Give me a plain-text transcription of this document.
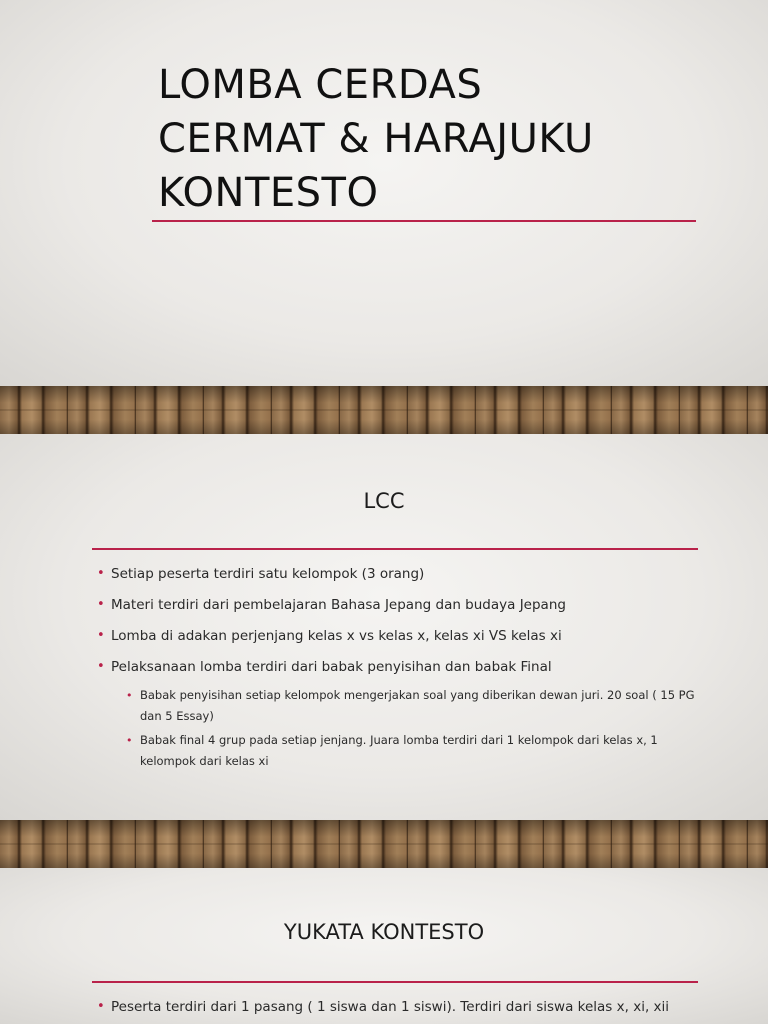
LOMBA CERDAS
CERMAT & HARAJUKU
KONTESTO
LCC
• Setiap peserta terdiri satu kelompok (3 orang)
• Materi terdiri dari pembelajaran Bahasa Jepang dan budaya Jepang
• Lomba di adakan perjenjang kelas x vs kelas x, kelas xi VS kelas xi
• Pelaksanaan lomba terdiri dari babak penyisihan dan babak Final
• Babak penyisihan setiap kelompok mengerjakan soal yang diberikan dewan juri. 20 soal ( 15 PG dan 5 Essay)
• Babak final 4 grup pada setiap jenjang. Juara lomba terdiri dari 1 kelompok dari kelas x, 1 kelompok dari kelas xi
YUKATA KONTESTO
• Peserta terdiri dari 1 pasang ( 1 siswa dan 1 siswi). Terdiri dari siswa kelas x, xi, xii
